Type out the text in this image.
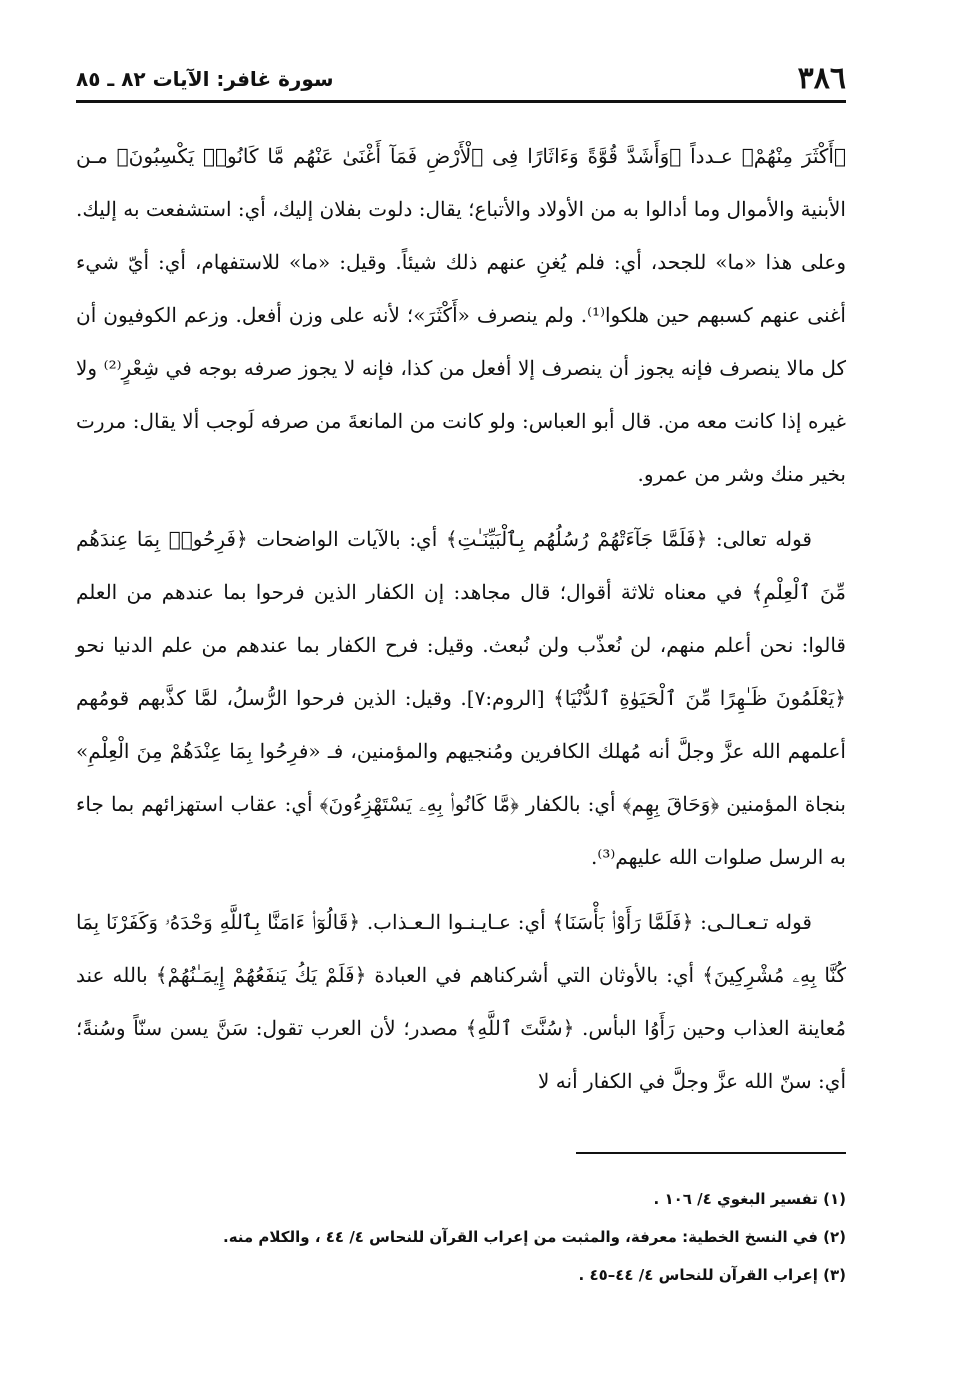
٣٨٦
سورة غافر: الآيات ٨٢ ـ ٨٥

﴿أَكْثَرَ مِنْهُمْ﴾ عـدداً ﴿وَأَشَدَّ قُوَّةً وَءَاثَارًا فِى ٱلْأَرْضِ فَمَآ أَغْنَىٰ عَنْهُم مَّا كَانُوا۟ يَكْسِبُونَ﴾ مـن الأبنية والأموال وما أدالوا به من الأولاد والأتباع؛ يقال: دلوت بفلان إليك، أي: استشفعت به إليك. وعلى هذا «ما» للجحد، أي: فلم يُغنِ عنهم ذلك شيئاً. وقيل: «ما» للاستفهام، أي: أيّ شيء أغنى عنهم كسبهم حين هلكوا⁽¹⁾. ولم ينصرف «أَكْثَرَ»؛ لأنه على وزن أفعل. وزعم الكوفيون أن كل مالا ينصرف فإنه يجوز أن ينصرف إلا أفعل من كذا، فإنه لا يجوز صرفه بوجه في شِعْرٍ⁽²⁾ ولا غيره إذا كانت معه من. قال أبو العباس: ولو كانت من المانعةَ من صرفه لَوجب ألا يقال: مررت بخير منك وشر من عمرو.

قوله تعالى: ﴿فَلَمَّا جَآءَتْهُمْ رُسُلُهُم بِٱلْبَيِّنَـٰتِ﴾ أي: بالآيات الواضحات ﴿فَرِحُوا۟ بِمَا عِندَهُم مِّنَ ٱلْعِلْمِ﴾ في معناه ثلاثة أقوال؛ قال مجاهد: إن الكفار الذين فرحوا بما عندهم من العلم قالوا: نحن أعلم منهم، لن نُعذّب ولن نُبعث. وقيل: فرح الكفار بما عندهم من علم الدنيا نحو ﴿يَعْلَمُونَ ظَـٰهِرًا مِّنَ ٱلْحَيَوٰةِ ٱلدُّنْيَا﴾ [الروم:٧]. وقيل: الذين فرحوا الرُّسلُ، لمَّا كذَّبهم قومُهم أعلمهم الله عزَّ وجلَّ أنه مُهلك الكافرين ومُنجيهم والمؤمنين، فـ «فرِحُوا بِمَا عِنْدَهُمْ مِنَ الْعِلْمِ» بنجاة المؤمنين ﴿وَحَاقَ بِهِم﴾ أي: بالكفار ﴿مَّا كَانُوا۟ بِهِۦ يَسْتَهْزِءُونَ﴾ أي: عقاب استهزائهم بما جاء به الرسل صلوات الله عليهم⁽³⁾.

قوله تـعـالـى: ﴿فَلَمَّا رَأَوْا۟ بَأْسَنَا﴾ أي: عـايـنـوا الـعـذاب. ﴿قَالُوٓا۟ ءَامَنَّا بِٱللَّهِ وَحْدَهُۥ وَكَفَرْنَا بِمَا كُنَّا بِهِۦ مُشْرِكِينَ﴾ أي: بالأوثان التي أشركناهم في العبادة ﴿فَلَمْ يَكُ يَنفَعُهُمْ إِيمَـٰنُهُمْ﴾ بالله عند مُعاينة العذاب وحين رَأَوُا البأس. ﴿سُنَّتَ ٱللَّهِ﴾ مصدر؛ لأن العرب تقول: سَنَّ يسن سنّاً وسُنةً؛ أي: سنّ الله عزَّ وجلَّ في الكفار أنه لا

(١) تفسير البغوي ٤/ ١٠٦ .
(٢) في النسخ الخطية: معرفة، والمثبت من إعراب القرآن للنحاس ٤/ ٤٤ ، والكلام منه.
(٣) إعراب القرآن للنحاس ٤/ ٤٤–٤٥ .
